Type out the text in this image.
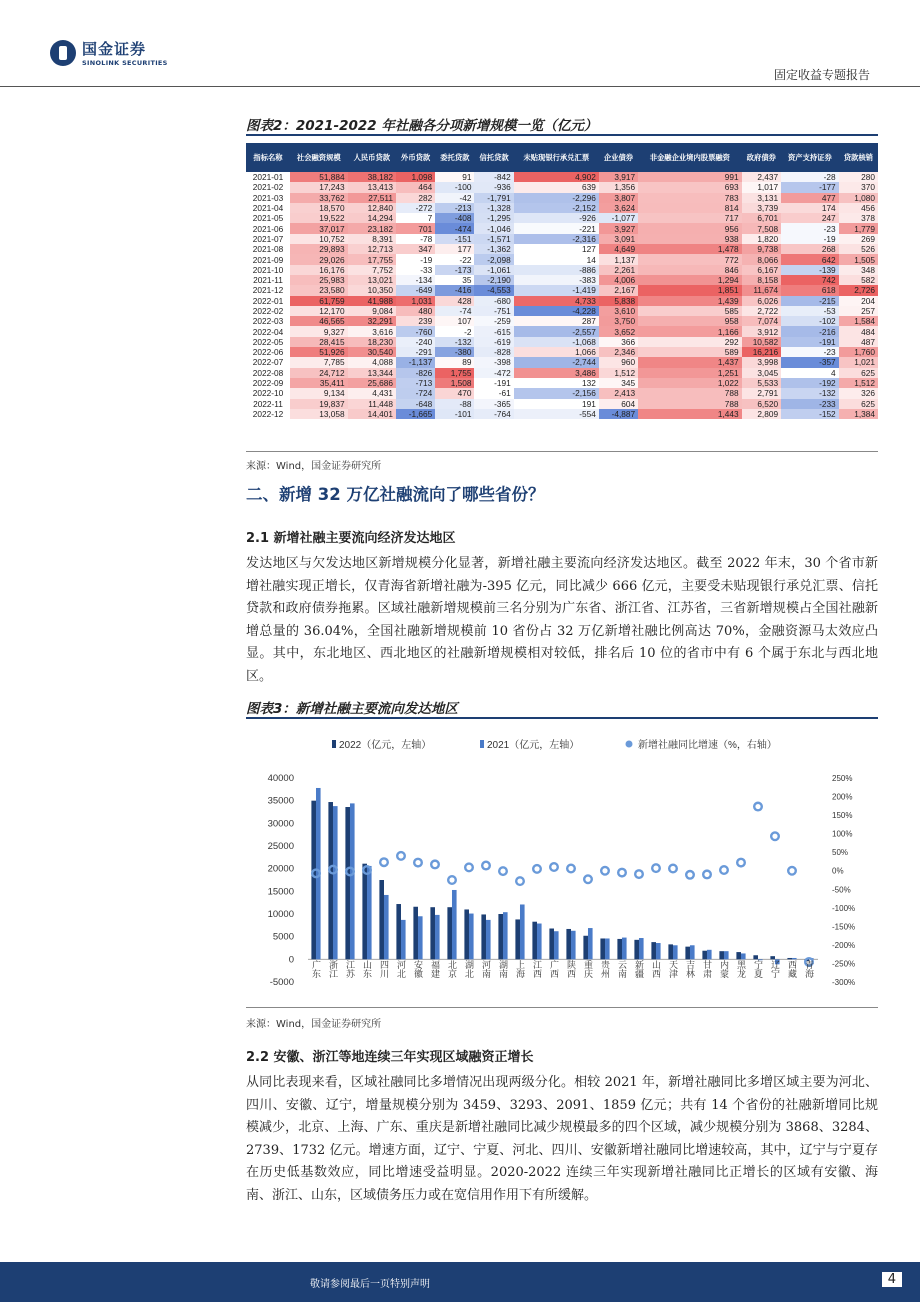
国金证券
SINOLINK SECURITIES
固定收益专题报告
图表2：2021-2022 年社融各分项新增规模一览（亿元）
指标名称	社会融资规模	人民币贷款	外币贷款	委托贷款	信托贷款	未贴现银行承兑汇票	企业债券	非金融企业境内股票融资	政府债券	资产支持证券	贷款核销
2021-01	51,884	38,182	1,098	91	-842	4,902	3,917	991	2,437	-28	280
2021-02	17,243	13,413	464	-100	-936	639	1,356	693	1,017	-177	370
2021-03	33,762	27,511	282	-42	-1,791	-2,296	3,807	783	3,131	477	1,080
2021-04	18,570	12,840	-272	-213	-1,328	-2,152	3,624	814	3,739	174	456
2021-05	19,522	14,294	7	-408	-1,295	-926	-1,077	717	6,701	247	378
2021-06	37,017	23,182	701	-474	-1,046	-221	3,927	956	7,508	-23	1,779
2021-07	10,752	8,391	-78	-151	-1,571	-2,316	3,091	938	1,820	-19	269
2021-08	29,893	12,713	347	177	-1,362	127	4,649	1,478	9,738	268	526
2021-09	29,026	17,755	-19	-22	-2,098	14	1,137	772	8,066	642	1,505
2021-10	16,176	7,752	-33	-173	-1,061	-886	2,261	846	6,167	-139	348
2021-11	25,983	13,021	-134	35	-2,190	-383	4,006	1,294	8,158	742	582
2021-12	23,580	10,350	-649	-416	-4,553	-1,419	2,167	1,851	11,674	618	2,726
2022-01	61,759	41,988	1,031	428	-680	4,733	5,838	1,439	6,026	-215	204
2022-02	12,170	9,084	480	-74	-751	-4,228	3,610	585	2,722	-53	257
2022-03	46,565	32,291	239	107	-259	287	3,750	958	7,074	-102	1,584
2022-04	9,327	3,616	-760	-2	-615	-2,557	3,652	1,166	3,912	-216	484
2022-05	28,415	18,230	-240	-132	-619	-1,068	366	292	10,582	-191	487
2022-06	51,926	30,540	-291	-380	-828	1,066	2,346	589	16,216	-23	1,760
2022-07	7,785	4,088	-1,137	89	-398	-2,744	960	1,437	3,998	-357	1,021
2022-08	24,712	13,344	-826	1,755	-472	3,486	1,512	1,251	3,045	4	625
2022-09	35,411	25,686	-713	1,508	-191	132	345	1,022	5,533	-192	1,512
2022-10	9,134	4,431	-724	470	-61	-2,156	2,413	788	2,791	-132	326
2022-11	19,837	11,448	-648	-88	-365	191	604	788	6,520	-233	625
2022-12	13,058	14,401	-1,665	-101	-764	-554	-4,887	1,443	2,809	-152	1,384
来源：Wind，国金证券研究所
二、新增 32 万亿社融流向了哪些省份？
2.1 新增社融主要流向经济发达地区
发达地区与欠发达地区新增规模分化显著，新增社融主要流向经济发达地区。截至 2022 年末，30 个省市新增社融实现正增长，仅青海省新增社融为-395 亿元，同比减少 666 亿元，主要受未贴现银行承兑汇票、信托贷款和政府债券拖累。区域社融新增规模前三名分别为广东省、浙江省、江苏省，三省新增规模占全国社融新增总量的 36.04%，全国社融新增规模前 10 省份占 32 万亿新增社融比例高达 70%，金融资源马太效应凸显。其中，东北地区、西北地区的社融新增规模相对较低，排名后 10 位的省市中有 6 个属于东北与西北地区。
图表3：新增社融主要流向发达地区
2022（亿元，左轴）	2021（亿元，左轴）	新增社融同比增速（%，右轴）
40000
35000
30000
25000
20000
15000
10000
5000
0
-5000
250%
200%
150%
100%
50%
0%
-50%
-100%
-150%
-200%
-250%
-300%
广东 浙江 江苏 山东 四川 河北 安徽 福建 北京 湖北 河南 湖南 上海 江西 广西 陕西 重庆 贵州 云南 新疆 山西 天津 吉林 甘肃 内蒙 黑龙 宁夏 辽宁 西藏 青海
来源：Wind，国金证券研究所
2.2 安徽、浙江等地连续三年实现区域融资正增长
从同比表现来看，区域社融同比多增情况出现两级分化。相较 2021 年，新增社融同比多增区域主要为河北、四川、安徽、辽宁，增量规模分别为 3459、3293、2091、1859 亿元；共有 14 个省份的社融新增同比规模减少，北京、上海、广东、重庆是新增社融同比减少规模最多的四个区域，减少规模分别为 3868、3284、2739、1732 亿元。增速方面，辽宁、宁夏、河北、四川、安徽新增社融同比增速较高，其中，辽宁与宁夏存在历史低基数效应，同比增速受益明显。2020-2022 连续三年实现新增社融同比正增长的区域有安徽、海南、浙江、山东，区域债务压力或在宽信用作用下有所缓解。
敬请参阅最后一页特别声明	4
